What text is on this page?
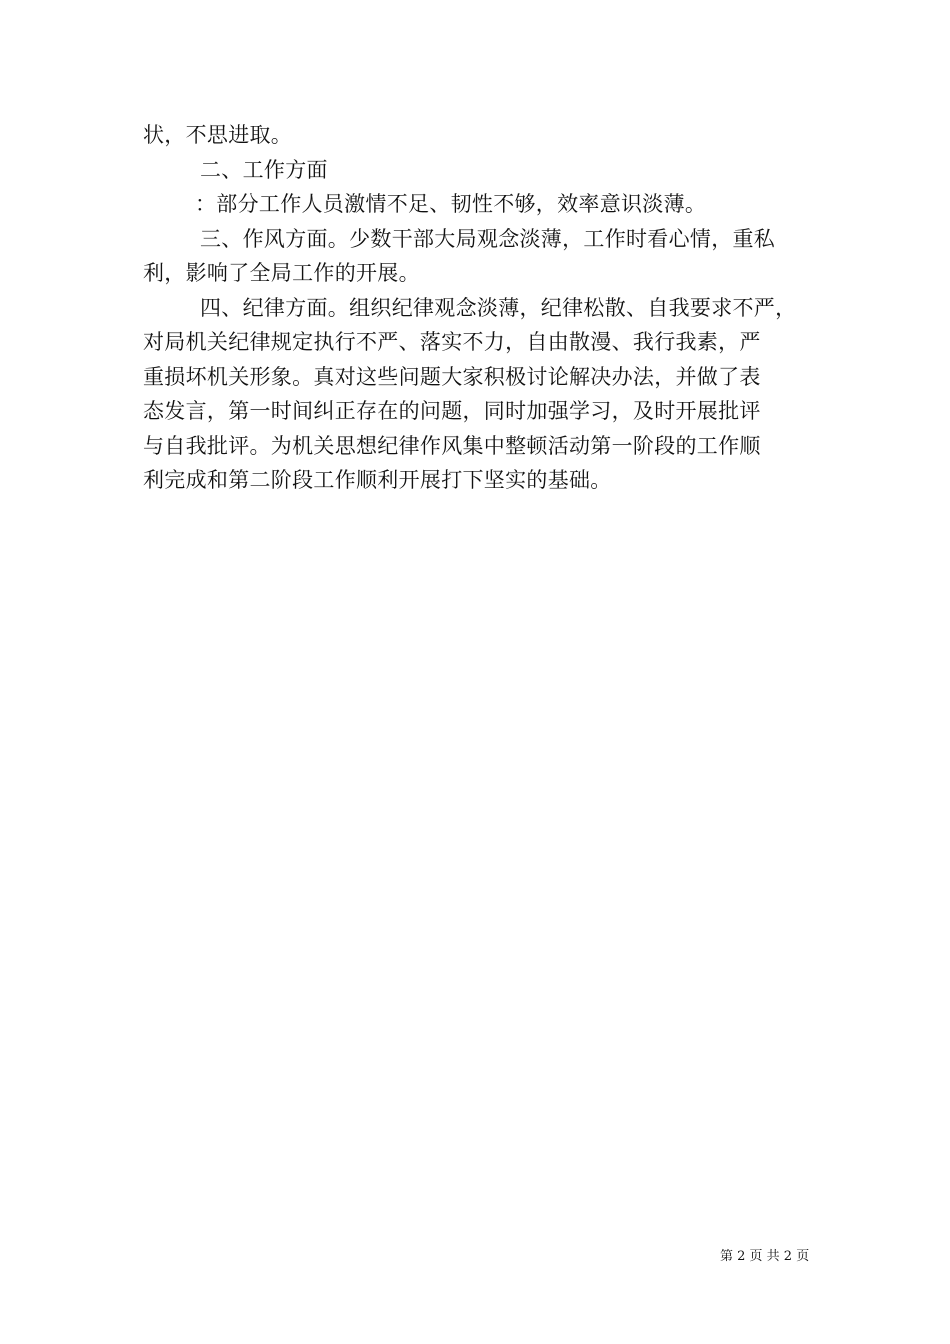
状，不思进取。
二、工作方面
：部分工作人员激情不足、韧性不够，效率意识淡薄。
三、作风方面。少数干部大局观念淡薄，工作时看心情，重私
利，影响了全局工作的开展。
四、纪律方面。组织纪律观念淡薄，纪律松散、自我要求不严，
对局机关纪律规定执行不严、落实不力，自由散漫、我行我素，严
重损坏机关形象。真对这些问题大家积极讨论解决办法，并做了表
态发言，第一时间纠正存在的问题，同时加强学习，及时开展批评
与自我批评。为机关思想纪律作风集中整顿活动第一阶段的工作顺
利完成和第二阶段工作顺利开展打下坚实的基础。
第 2 页 共 2 页
